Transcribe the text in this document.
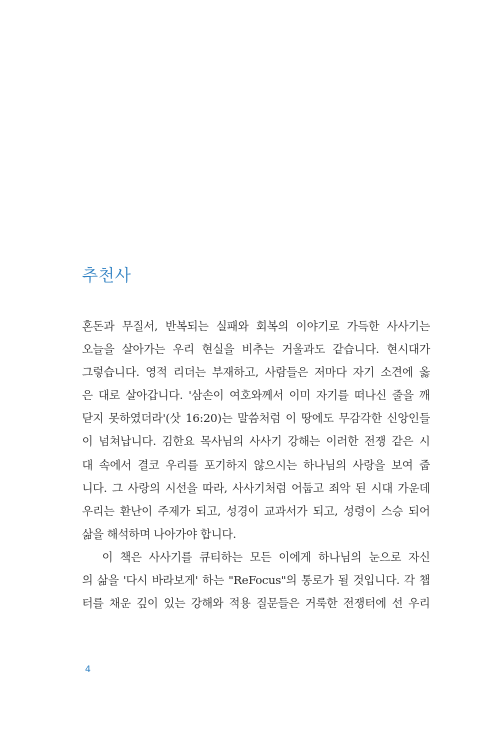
추천사
혼돈과 무질서, 반복되는 실패와 회복의 이야기로 가득한 사사기는
오늘을 살아가는 우리 현실을 비추는 거울과도 같습니다. 현시대가
그렇습니다. 영적 리더는 부재하고, 사람들은 저마다 자기 소견에 옳
은 대로 살아갑니다. '삼손이 여호와께서 이미 자기를 떠나신 줄을 깨
닫지 못하였더라'(삿 16:20)는 말씀처럼 이 땅에도 무감각한 신앙인들
이 넘쳐납니다. 김한요 목사님의 사사기 강해는 이러한 전쟁 같은 시
대 속에서 결코 우리를 포기하지 않으시는 하나님의 사랑을 보여 줍
니다. 그 사랑의 시선을 따라, 사사기처럼 어둡고 죄악 된 시대 가운데
우리는 환난이 주제가 되고, 성경이 교과서가 되고, 성령이 스승 되어
삶을 해석하며 나아가야 합니다.
이 책은 사사기를 큐티하는 모든 이에게 하나님의 눈으로 자신
의 삶을 '다시 바라보게' 하는 "ReFocus"의 통로가 될 것입니다. 각 챕
터를 채운 깊이 있는 강해와 적용 질문들은 거룩한 전쟁터에 선 우리
4
